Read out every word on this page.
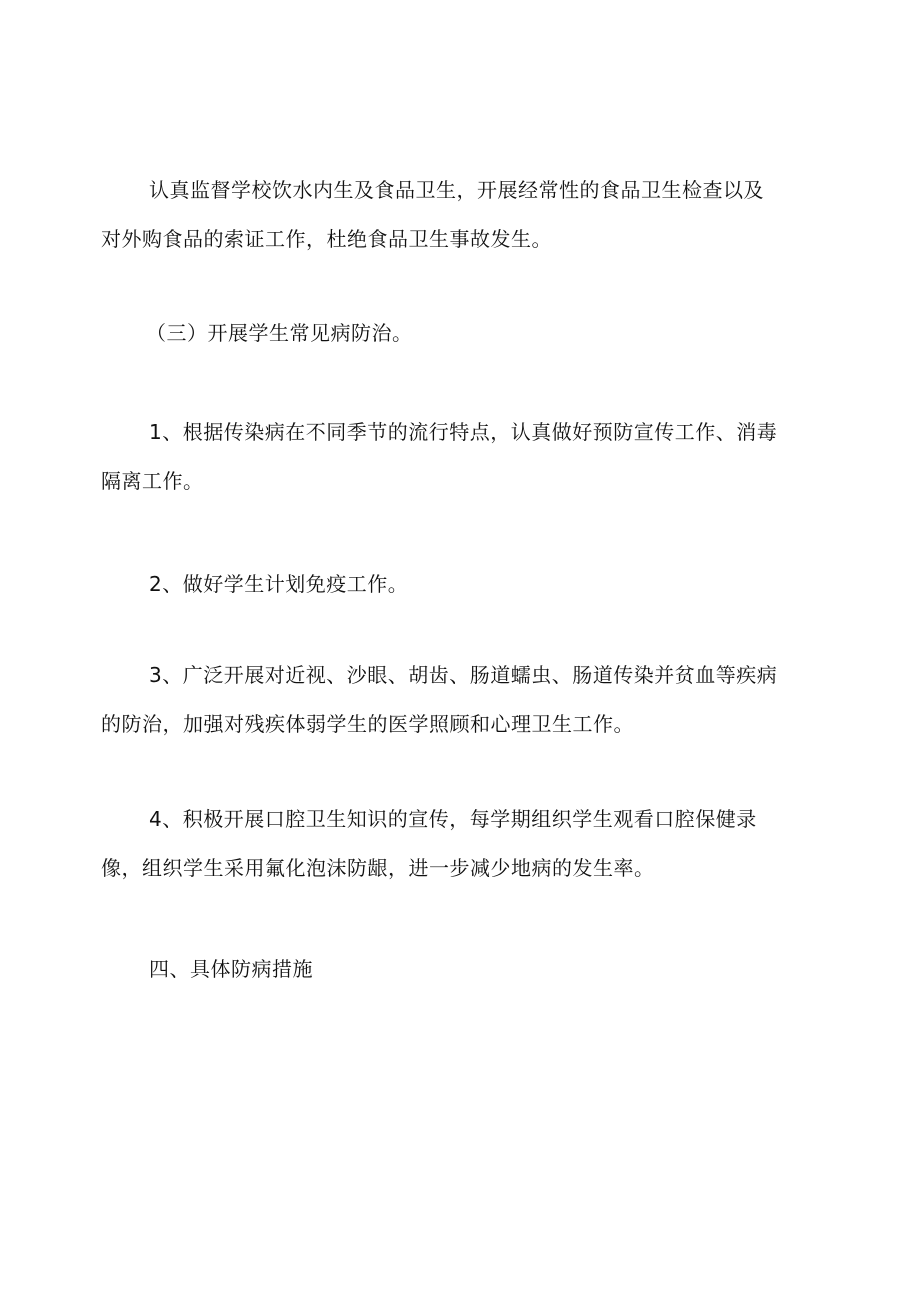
认真监督学校饮水内生及食品卫生，开展经常性的食品卫生检查以及
对外购食品的索证工作，杜绝食品卫生事故发生。

（三）开展学生常见病防治。

1、根据传染病在不同季节的流行特点，认真做好预防宣传工作、消毒
隔离工作。

2、做好学生计划免疫工作。

3、广泛开展对近视、沙眼、胡齿、肠道蠕虫、肠道传染并贫血等疾病
的防治，加强对残疾体弱学生的医学照顾和心理卫生工作。

4、积极开展口腔卫生知识的宣传，每学期组织学生观看口腔保健录
像，组织学生采用氟化泡沫防龈，进一步减少地病的发生率。

四、具体防病措施
